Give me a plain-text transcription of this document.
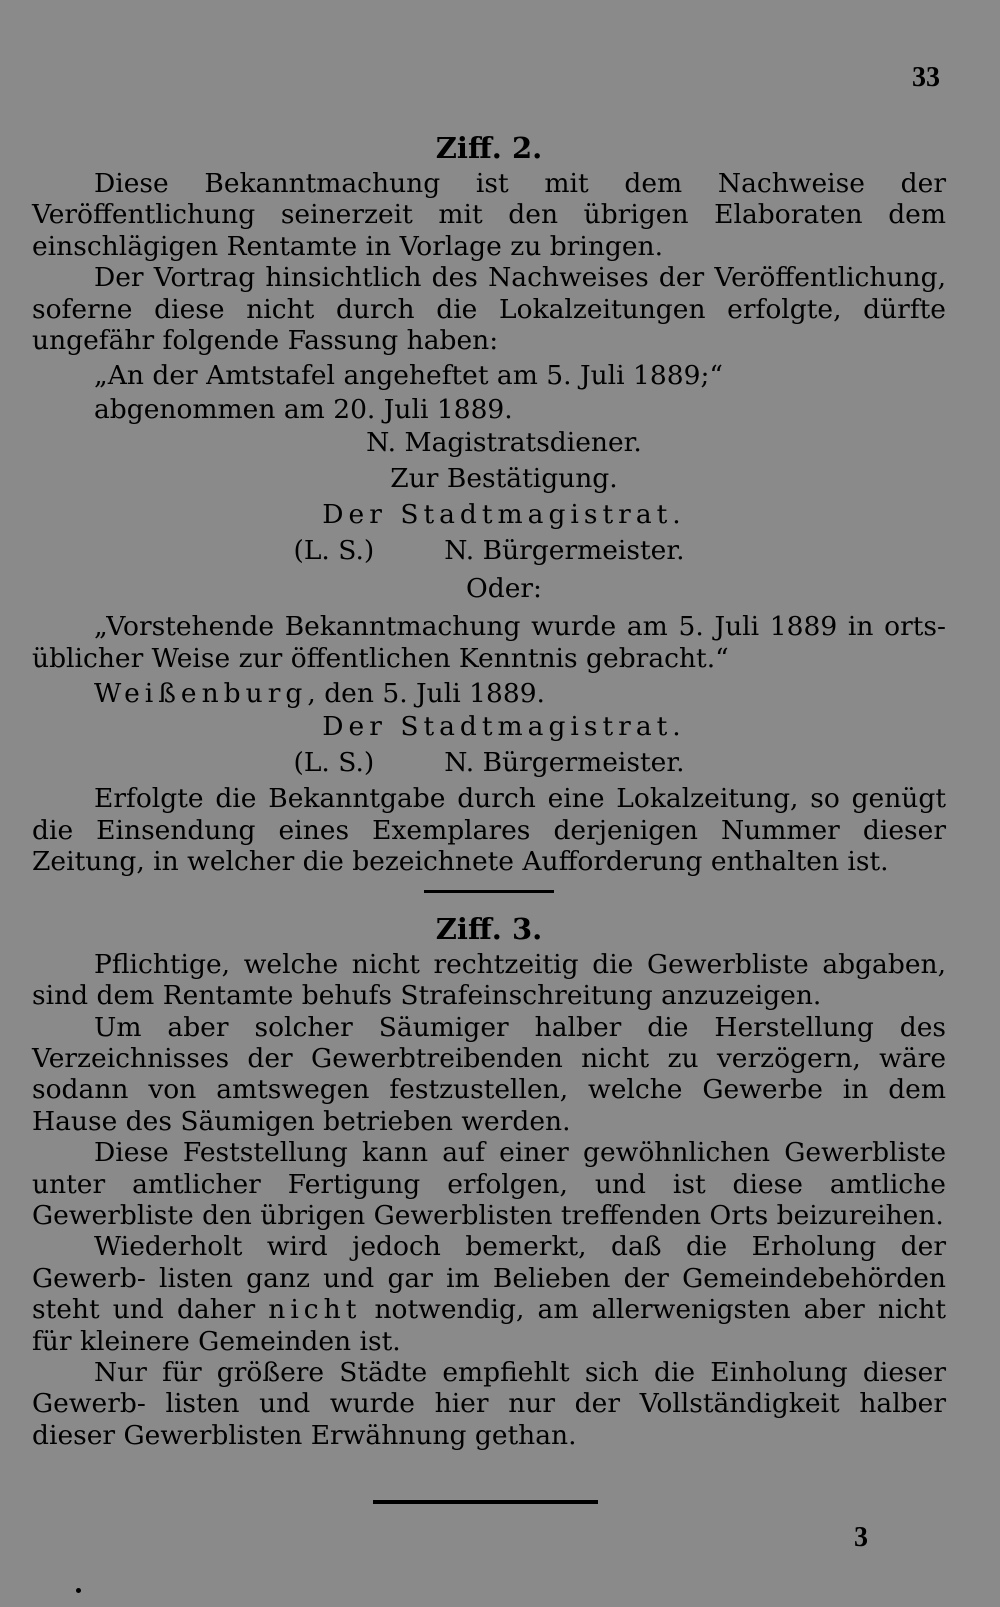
33
Ziff. 2.

Diese Bekanntmachung ist mit dem Nachweise der Veröffentlichung seinerzeit mit den übrigen Elaboraten dem einschlägigen Rentamte in Vorlage zu bringen.

Der Vortrag hinsichtlich des Nachweises der Veröffentlichung, soferne diese nicht durch die Lokalzeitungen erfolgte, dürfte ungefähr folgende Fassung haben:

„An der Amtstafel angeheftet am 5. Juli 1889;“

abgenommen am 20. Juli 1889.

N. Magistratsdiener.
Zur Bestätigung.
Der Stadtmagistrat.
(L. S.)	N. Bürgermeister.
Oder:

„Vorstehende Bekanntmachung wurde am 5. Juli 1889 in orts- üblicher Weise zur öffentlichen Kenntnis gebracht.“

Weißenburg, den 5. Juli 1889.

Der Stadtmagistrat.
(L. S.)	N. Bürgermeister.

Erfolgte die Bekanntgabe durch eine Lokalzeitung, so genügt die Einsendung eines Exemplares derjenigen Nummer dieser Zeitung, in welcher die bezeichnete Aufforderung enthalten ist.

Ziff. 3.

Pflichtige, welche nicht rechtzeitig die Gewerbliste abgaben, sind dem Rentamte behufs Strafeinschreitung anzuzeigen.

Um aber solcher Säumiger halber die Herstellung des Verzeichnisses der Gewerbtreibenden nicht zu verzögern, wäre sodann von amtswegen festzustellen, welche Gewerbe in dem Hause des Säumigen betrieben werden.

Diese Feststellung kann auf einer gewöhnlichen Gewerbliste unter amtlicher Fertigung erfolgen, und ist diese amtliche Gewerbliste den übrigen Gewerblisten treffenden Orts beizureihen.

Wiederholt wird jedoch bemerkt, daß die Erholung der Gewerb- listen ganz und gar im Belieben der Gemeindebehörden steht und daher nicht notwendig, am allerwenigsten aber nicht für kleinere Gemeinden ist.

Nur für größere Städte empfiehlt sich die Einholung dieser Gewerb- listen und wurde hier nur der Vollständigkeit halber dieser Gewerblisten Erwähnung gethan.

3
